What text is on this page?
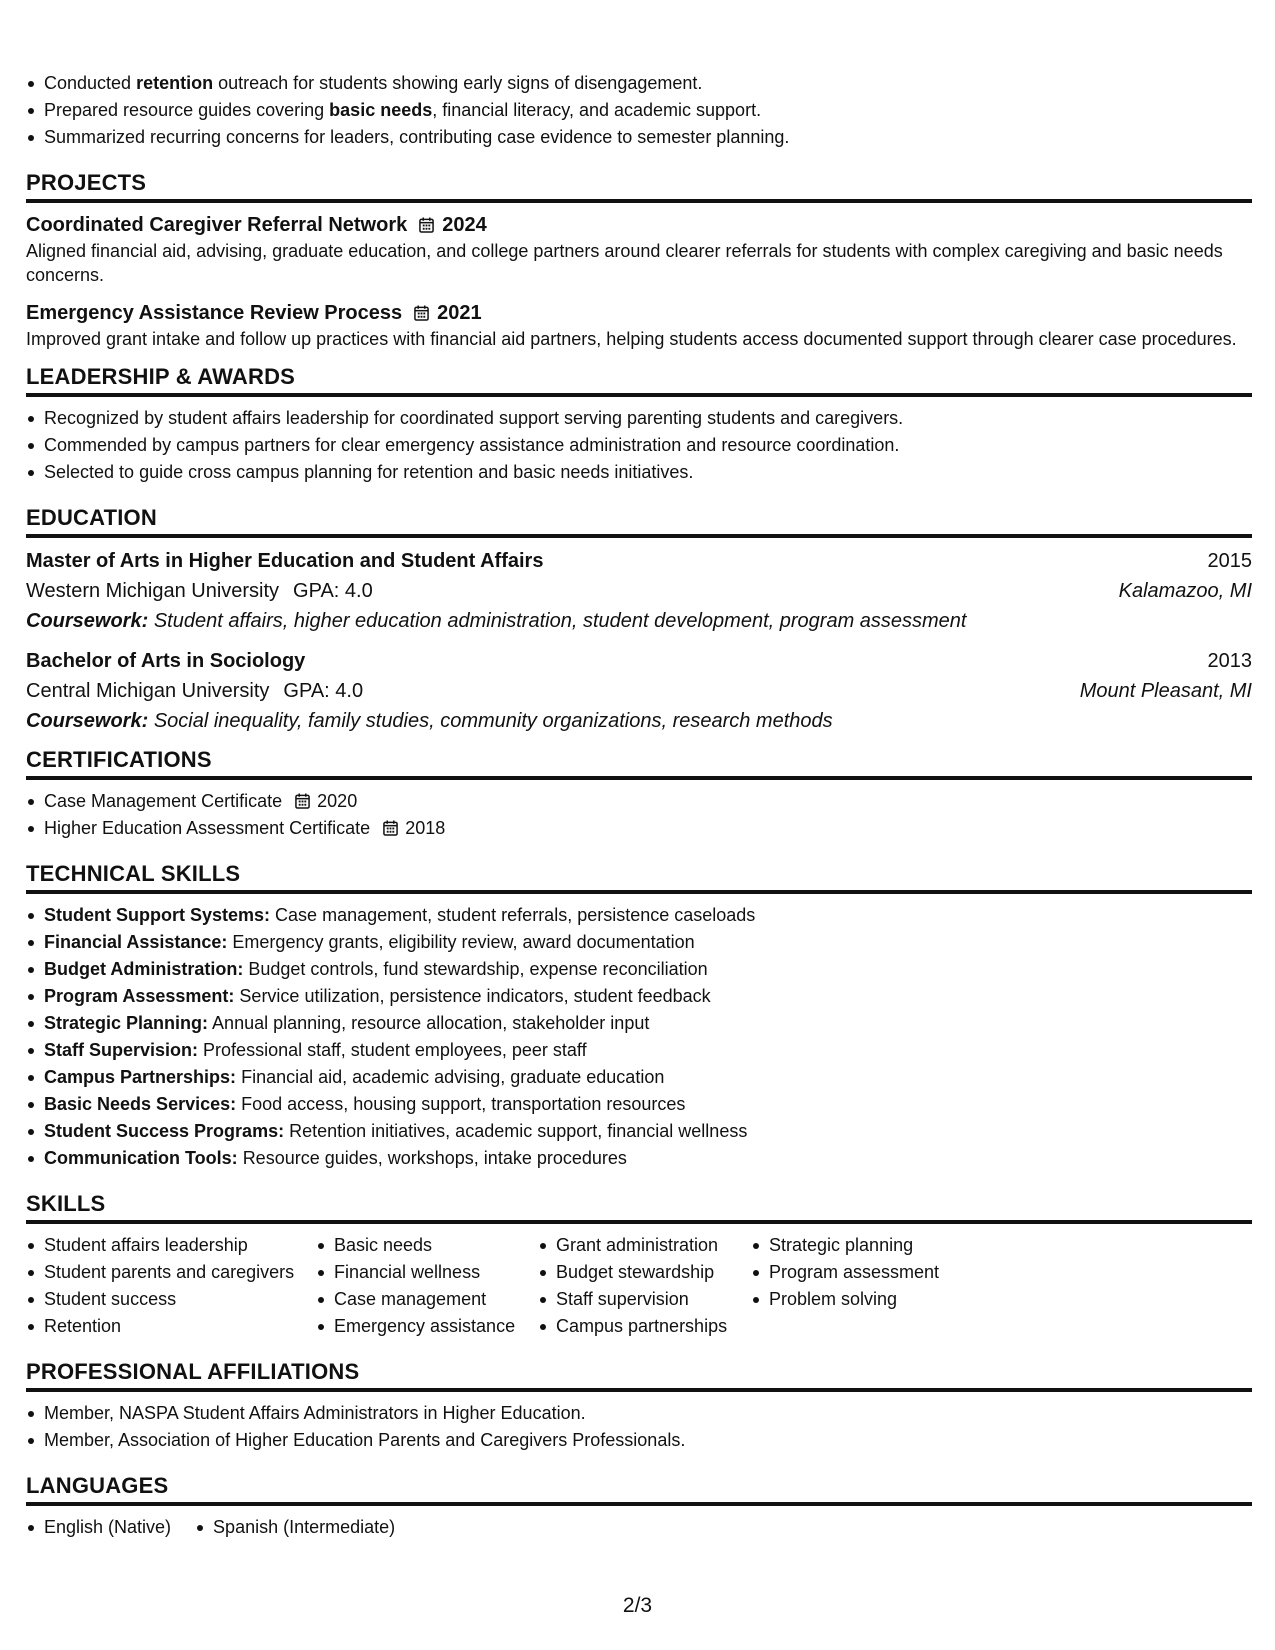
Conducted retention outreach for students showing early signs of disengagement.
Prepared resource guides covering basic needs, financial literacy, and academic support.
Summarized recurring concerns for leaders, contributing case evidence to semester planning.
PROJECTS
Coordinated Caregiver Referral Network 2024
Aligned financial aid, advising, graduate education, and college partners around clearer referrals for students with complex caregiving and basic needs concerns.
Emergency Assistance Review Process 2021
Improved grant intake and follow up practices with financial aid partners, helping students access documented support through clearer case procedures.
LEADERSHIP & AWARDS
Recognized by student affairs leadership for coordinated support serving parenting students and caregivers.
Commended by campus partners for clear emergency assistance administration and resource coordination.
Selected to guide cross campus planning for retention and basic needs initiatives.
EDUCATION
Master of Arts in Higher Education and Student Affairs	2015
Western Michigan University GPA: 4.0	Kalamazoo, MI
Coursework: Student affairs, higher education administration, student development, program assessment
Bachelor of Arts in Sociology	2013
Central Michigan University GPA: 4.0	Mount Pleasant, MI
Coursework: Social inequality, family studies, community organizations, research methods
CERTIFICATIONS
Case Management Certificate 2020
Higher Education Assessment Certificate 2018
TECHNICAL SKILLS
Student Support Systems: Case management, student referrals, persistence caseloads
Financial Assistance: Emergency grants, eligibility review, award documentation
Budget Administration: Budget controls, fund stewardship, expense reconciliation
Program Assessment: Service utilization, persistence indicators, student feedback
Strategic Planning: Annual planning, resource allocation, stakeholder input
Staff Supervision: Professional staff, student employees, peer staff
Campus Partnerships: Financial aid, academic advising, graduate education
Basic Needs Services: Food access, housing support, transportation resources
Student Success Programs: Retention initiatives, academic support, financial wellness
Communication Tools: Resource guides, workshops, intake procedures
SKILLS
Student affairs leadership
Student parents and caregivers
Student success
Retention
Basic needs
Financial wellness
Case management
Emergency assistance
Grant administration
Budget stewardship
Staff supervision
Campus partnerships
Strategic planning
Program assessment
Problem solving
PROFESSIONAL AFFILIATIONS
Member, NASPA Student Affairs Administrators in Higher Education.
Member, Association of Higher Education Parents and Caregivers Professionals.
LANGUAGES
English (Native)	Spanish (Intermediate)
2/3
